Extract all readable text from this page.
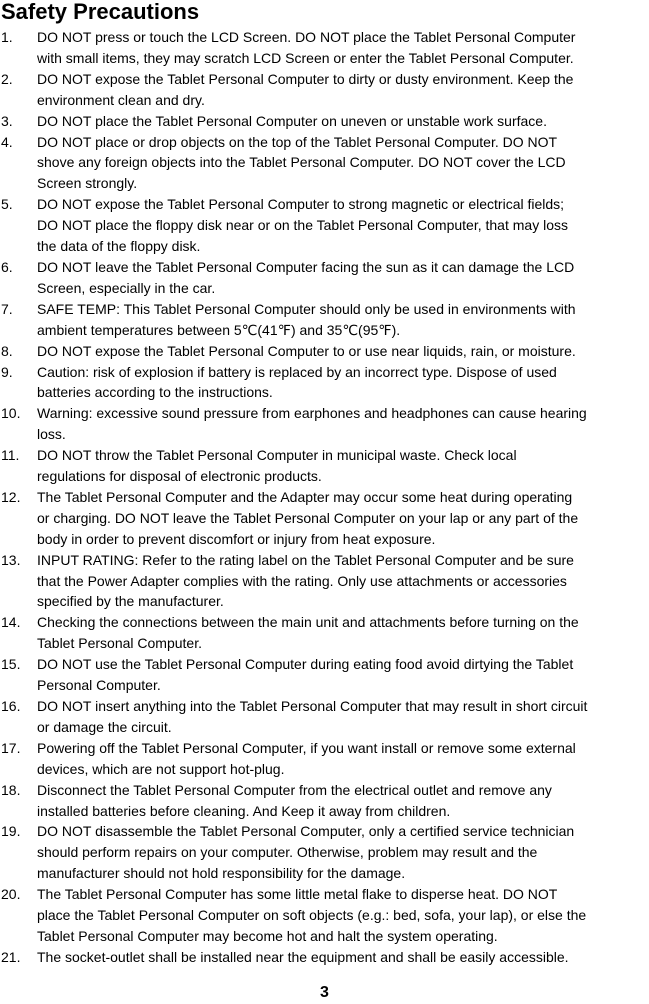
Safety Precautions
1. DO NOT press or touch the LCD Screen. DO NOT place the Tablet Personal Computer
with small items, they may scratch LCD Screen or enter the Tablet Personal Computer.
2. DO NOT expose the Tablet Personal Computer to dirty or dusty environment. Keep the
environment clean and dry.
3. DO NOT place the Tablet Personal Computer on uneven or unstable work surface.
4. DO NOT place or drop objects on the top of the Tablet Personal Computer. DO NOT
shove any foreign objects into the Tablet Personal Computer. DO NOT cover the LCD
Screen strongly.
5. DO NOT expose the Tablet Personal Computer to strong magnetic or electrical fields;
DO NOT place the floppy disk near or on the Tablet Personal Computer, that may loss
the data of the floppy disk.
6. DO NOT leave the Tablet Personal Computer facing the sun as it can damage the LCD
Screen, especially in the car.
7. SAFE TEMP: This Tablet Personal Computer should only be used in environments with
ambient temperatures between 5℃(41℉) and 35℃(95℉).
8. DO NOT expose the Tablet Personal Computer to or use near liquids, rain, or moisture.
9. Caution: risk of explosion if battery is replaced by an incorrect type. Dispose of used
batteries according to the instructions.
10. Warning: excessive sound pressure from earphones and headphones can cause hearing
loss.
11. DO NOT throw the Tablet Personal Computer in municipal waste. Check local
regulations for disposal of electronic products.
12. The Tablet Personal Computer and the Adapter may occur some heat during operating
or charging. DO NOT leave the Tablet Personal Computer on your lap or any part of the
body in order to prevent discomfort or injury from heat exposure.
13. INPUT RATING: Refer to the rating label on the Tablet Personal Computer and be sure
that the Power Adapter complies with the rating. Only use attachments or accessories
specified by the manufacturer.
14. Checking the connections between the main unit and attachments before turning on the
Tablet Personal Computer.
15. DO NOT use the Tablet Personal Computer during eating food avoid dirtying the Tablet
Personal Computer.
16. DO NOT insert anything into the Tablet Personal Computer that may result in short circuit
or damage the circuit.
17. Powering off the Tablet Personal Computer, if you want install or remove some external
devices, which are not support hot-plug.
18. Disconnect the Tablet Personal Computer from the electrical outlet and remove any
installed batteries before cleaning. And Keep it away from children.
19. DO NOT disassemble the Tablet Personal Computer, only a certified service technician
should perform repairs on your computer. Otherwise, problem may result and the
manufacturer should not hold responsibility for the damage.
20. The Tablet Personal Computer has some little metal flake to disperse heat. DO NOT
place the Tablet Personal Computer on soft objects (e.g.: bed, sofa, your lap), or else the
Tablet Personal Computer may become hot and halt the system operating.
21. The socket-outlet shall be installed near the equipment and shall be easily accessible.
3
